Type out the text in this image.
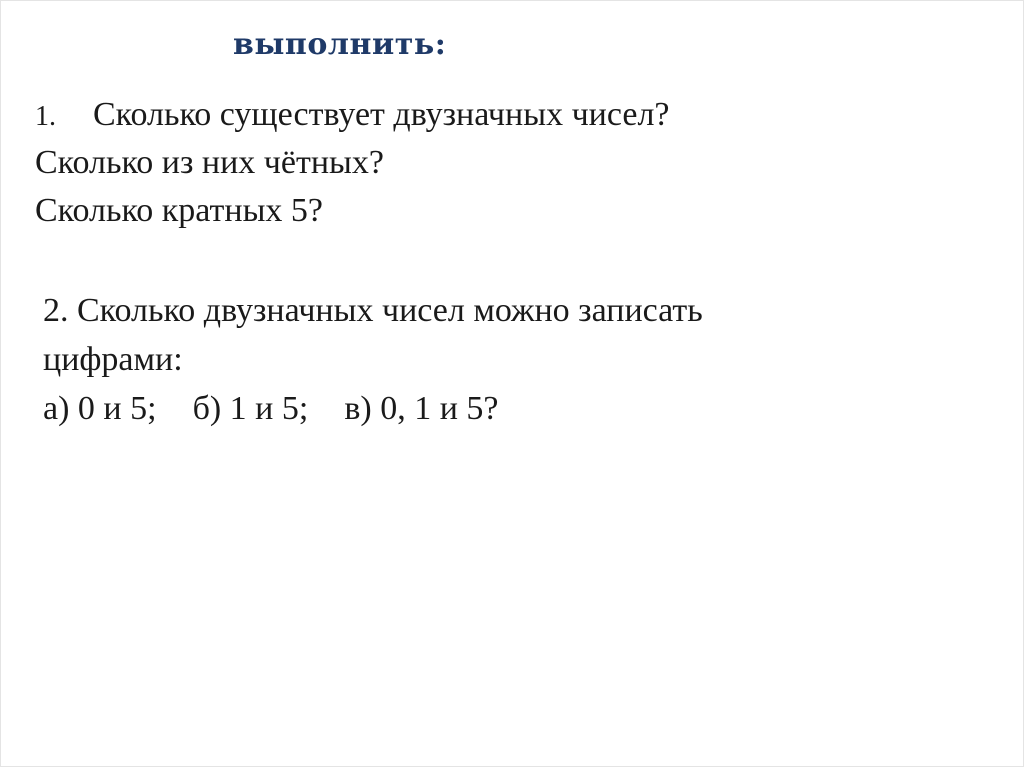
выполнить:
1. Сколько существует двузначных чисел?
Сколько из них чётных?
Сколько кратных 5?
2. Сколько двузначных чисел можно записать
цифрами:
а) 0 и 5; б) 1 и 5; в) 0, 1 и 5?
